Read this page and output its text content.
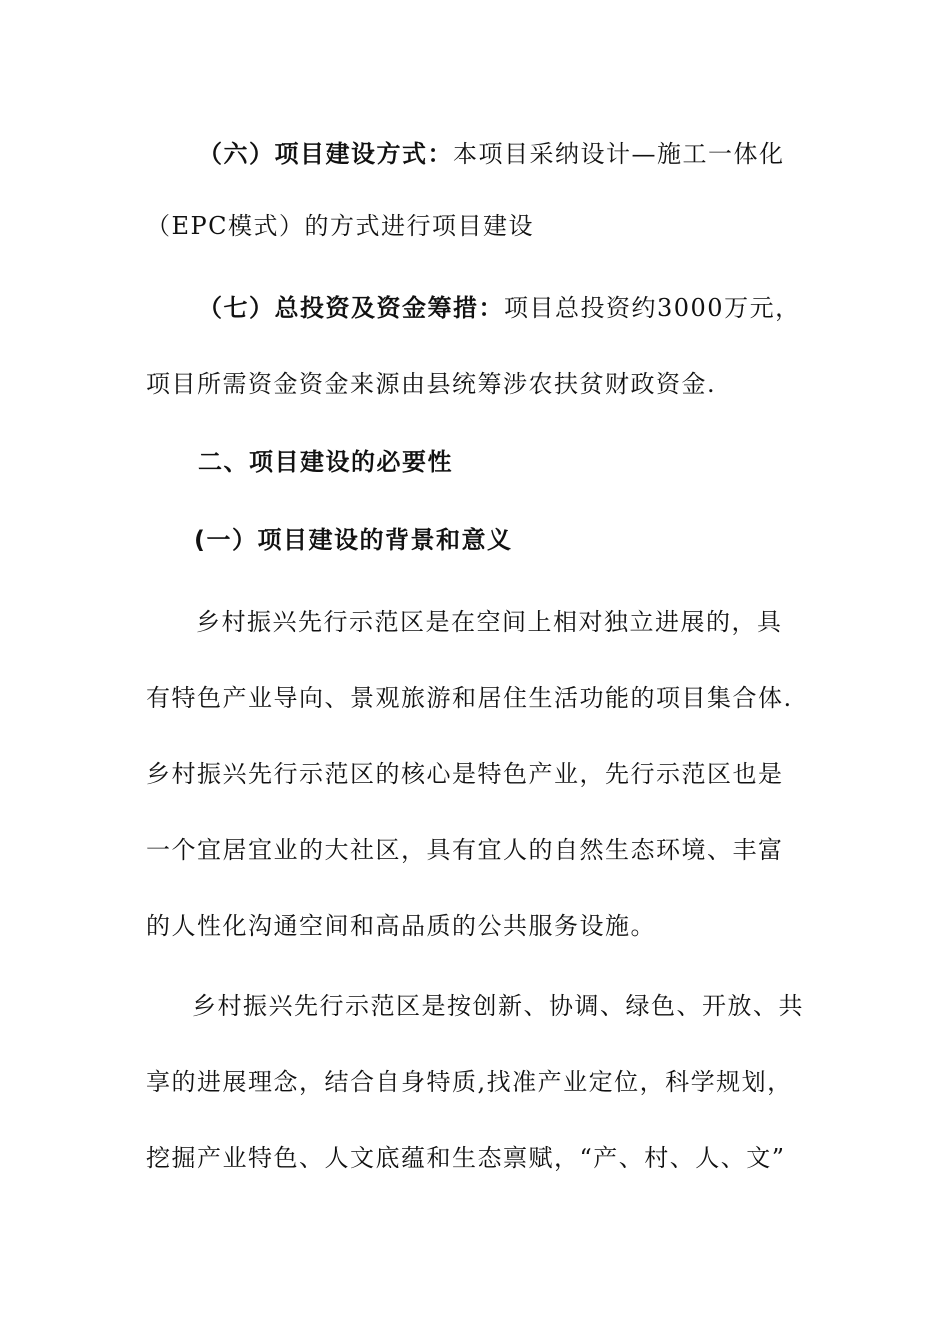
（六）项目建设方式：本项目采纳设计—施工一体化
（EPC模式）的方式进行项目建设
（七）总投资及资金筹措：项目总投资约3000万元，
项目所需资金资金来源由县统筹涉农扶贫财政资金.
二、项目建设的必要性
(一）项目建设的背景和意义
乡村振兴先行示范区是在空间上相对独立进展的，具
有特色产业导向、景观旅游和居住生活功能的项目集合体.
乡村振兴先行示范区的核心是特色产业，先行示范区也是
一个宜居宜业的大社区，具有宜人的自然生态环境、丰富
的人性化沟通空间和高品质的公共服务设施。
乡村振兴先行示范区是按创新、协调、绿色、开放、共
享的进展理念，结合自身特质,找准产业定位，科学规划，
挖掘产业特色、人文底蕴和生态禀赋，“产、村、人、文”
